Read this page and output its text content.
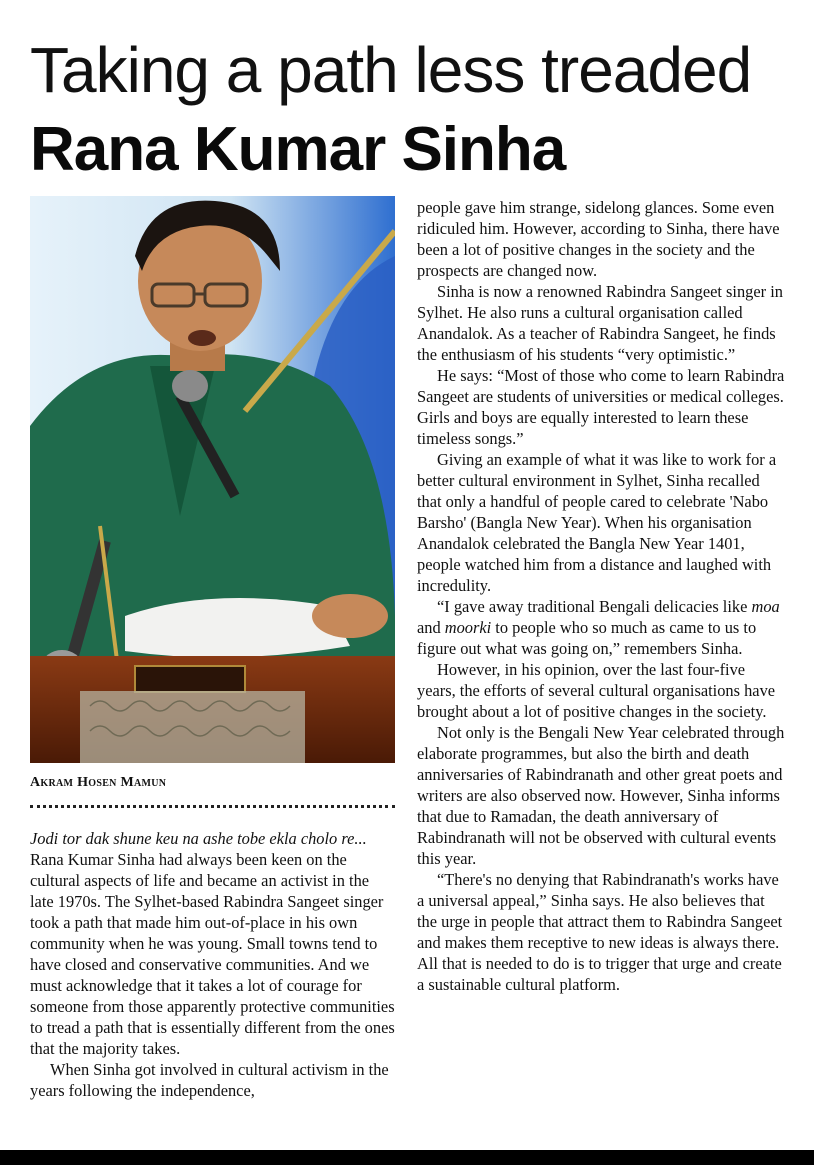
Taking a path less treaded
Rana Kumar Sinha
Akram Hosen Mamun

Jodi tor dak shune keu na ashe tobe ekla cholo re...

Rana Kumar Sinha had always been keen on the cultural aspects of life and became an activist in the late 1970s. The Sylhet-based Rabindra Sangeet singer took a path that made him out-of-place in his own community when he was young. Small towns tend to have closed and conservative communities. And we must acknowledge that it takes a lot of courage for someone from those apparently protective communities to tread a path that is essentially different from the ones that the majority takes.

When Sinha got involved in cultural activism in the years following the independence,

people gave him strange, sidelong glances. Some even ridiculed him. However, according to Sinha, there have been a lot of positive changes in the society and the prospects are changed now.

Sinha is now a renowned Rabindra Sangeet singer in Sylhet. He also runs a cultural organisation called Anandalok. As a teacher of Rabindra Sangeet, he finds the enthusiasm of his students “very optimistic.”

He says: “Most of those who come to learn Rabindra Sangeet are students of universities or medical colleges. Girls and boys are equally interested to learn these timeless songs.”

Giving an example of what it was like to work for a better cultural environment in Sylhet, Sinha recalled that only a handful of people cared to celebrate 'Nabo Barsho' (Bangla New Year). When his organisation Anandalok celebrated the Bangla New Year 1401, people watched him from a distance and laughed with incredulity.

“I gave away traditional Bengali delicacies like moa and moorki to people who so much as came to us to figure out what was going on,” remembers Sinha.

However, in his opinion, over the last four-five years, the efforts of several cultural organisations have brought about a lot of positive changes in the society.

Not only is the Bengali New Year celebrated through elaborate programmes, but also the birth and death anniversaries of Rabindranath and other great poets and writers are also observed now. However, Sinha informs that due to Ramadan, the death anniversary of Rabindranath will not be observed with cultural events this year.

“There's no denying that Rabindranath's works have a universal appeal,” Sinha says. He also believes that the urge in people that attract them to Rabindra Sangeet and makes them receptive to new ideas is always there. All that is needed to do is to trigger that urge and create a sustainable cultural platform.
